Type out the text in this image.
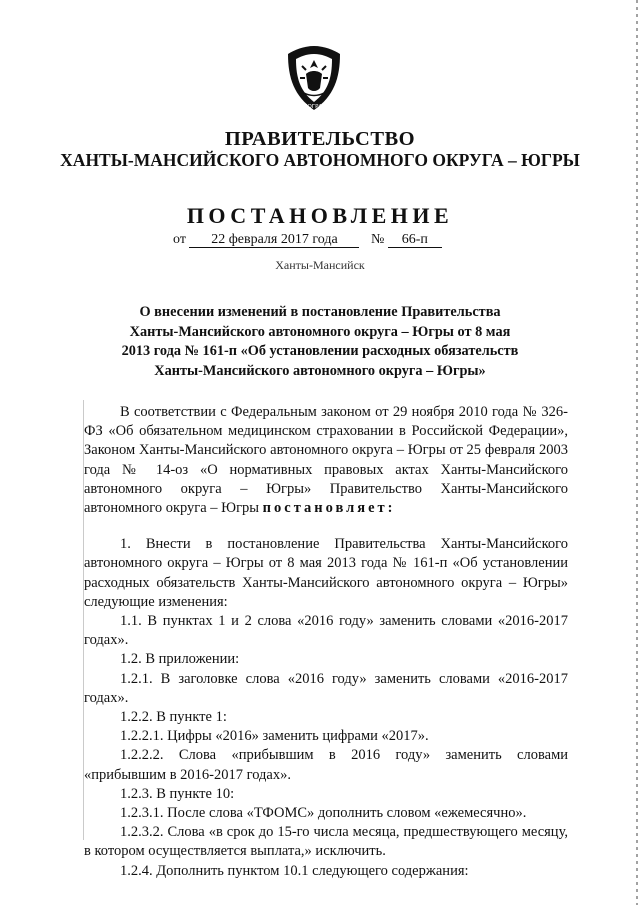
ЮГРА
ПРАВИТЕЛЬСТВО
ХАНТЫ-МАНСИЙСКОГО АВТОНОМНОГО ОКРУГА – ЮГРЫ
ПОСТАНОВЛЕНИЕ
от 22 февраля 2017 года № 66-п
Ханты-Мансийск
О внесении изменений в постановление Правительства
Ханты-Мансийского автономного округа – Югры от 8 мая
2013 года № 161-п «Об установлении расходных обязательств
Ханты-Мансийского автономного округа – Югры»

В соответствии с Федеральным законом от 29 ноября 2010 года № 326-ФЗ «Об обязательном медицинском страховании в Российской Федерации», Законом Ханты-Мансийского автономного округа – Югры от 25 февраля 2003 года № 14-оз «О нормативных правовых актах Ханты-Мансийского автономного округа – Югры» Правительство Ханты-Мансийского автономного округа – Югры постановляет:

1. Внести в постановление Правительства Ханты-Мансийского автономного округа – Югры от 8 мая 2013 года № 161-п «Об установлении расходных обязательств Ханты-Мансийского автономного округа – Югры» следующие изменения:

1.1. В пунктах 1 и 2 слова «2016 году» заменить словами «2016-2017 годах».

1.2. В приложении:

1.2.1. В заголовке слова «2016 году» заменить словами «2016-2017 годах».

1.2.2. В пункте 1:

1.2.2.1. Цифры «2016» заменить цифрами «2017».

1.2.2.2. Слова «прибывшим в 2016 году» заменить словами «прибывшим в 2016-2017 годах».

1.2.3. В пункте 10:

1.2.3.1. После слова «ТФОМС» дополнить словом «ежемесячно».

1.2.3.2. Слова «в срок до 15-го числа месяца, предшествующего месяцу, в котором осуществляется выплата,» исключить.

1.2.4. Дополнить пунктом 10.1 следующего содержания:
